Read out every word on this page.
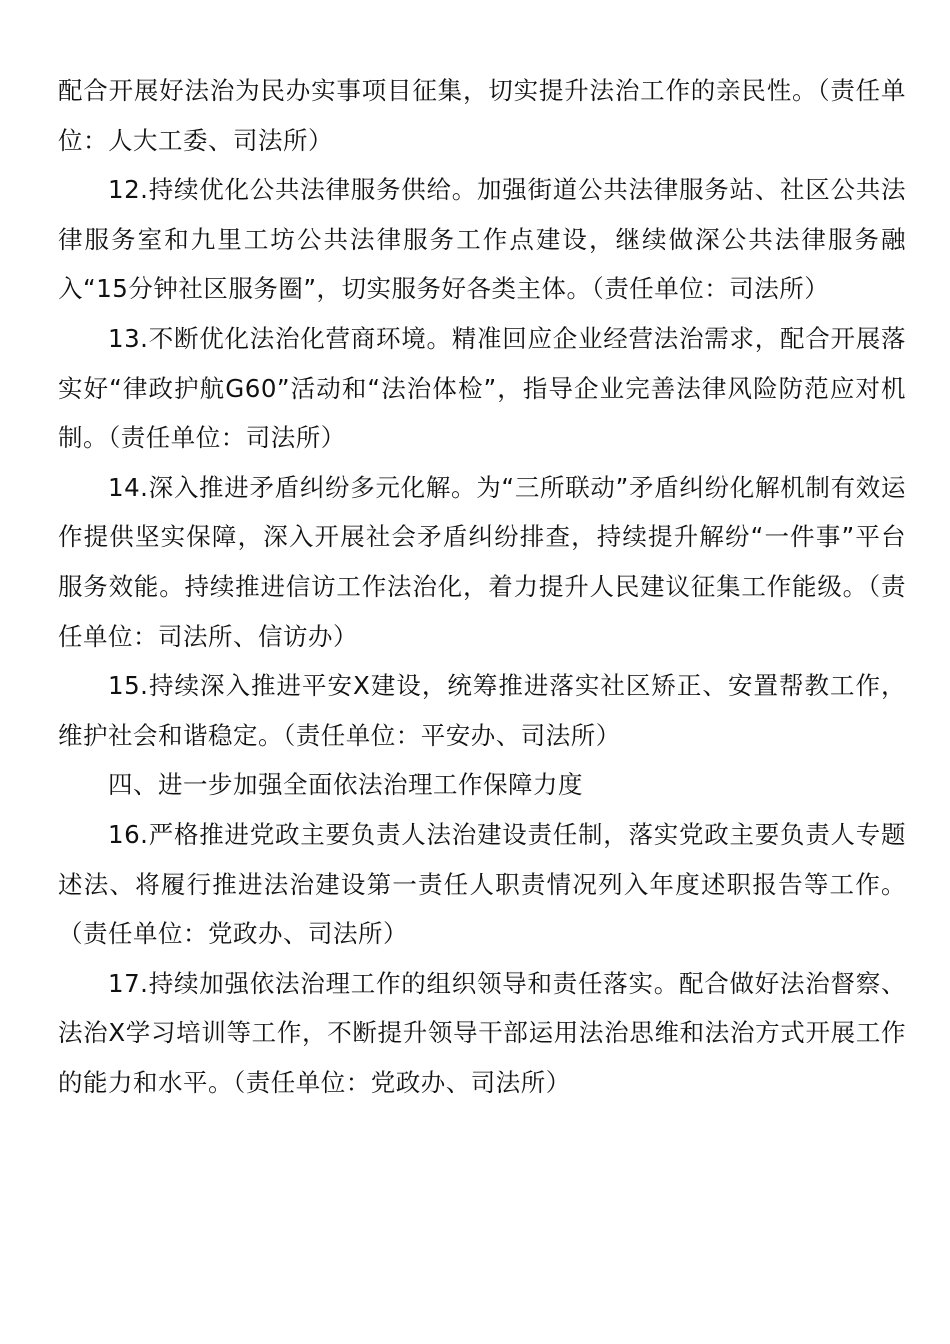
配合开展好法治为民办实事项目征集，切实提升法治工作的亲民性。（责任单位：人大工委、司法所）

12.持续优化公共法律服务供给。加强街道公共法律服务站、社区公共法律服务室和九里工坊公共法律服务工作点建设，继续做深公共法律服务融入“15分钟社区服务圈”，切实服务好各类主体。（责任单位：司法所）

13.不断优化法治化营商环境。精准回应企业经营法治需求，配合开展落实好“律政护航G60”活动和“法治体检”，指导企业完善法律风险防范应对机制。（责任单位：司法所）

14.深入推进矛盾纠纷多元化解。为“三所联动”矛盾纠纷化解机制有效运作提供坚实保障，深入开展社会矛盾纠纷排查，持续提升解纷“一件事”平台服务效能。持续推进信访工作法治化，着力提升人民建议征集工作能级。（责任单位：司法所、信访办）

15.持续深入推进平安X建设，统筹推进落实社区矫正、安置帮教工作，维护社会和谐稳定。（责任单位：平安办、司法所）

四、进一步加强全面依法治理工作保障力度

16.严格推进党政主要负责人法治建设责任制，落实党政主要负责人专题述法、将履行推进法治建设第一责任人职责情况列入年度述职报告等工作。（责任单位：党政办、司法所）

17.持续加强依法治理工作的组织领导和责任落实。配合做好法治督察、法治X学习培训等工作，不断提升领导干部运用法治思维和法治方式开展工作的能力和水平。（责任单位：党政办、司法所）
